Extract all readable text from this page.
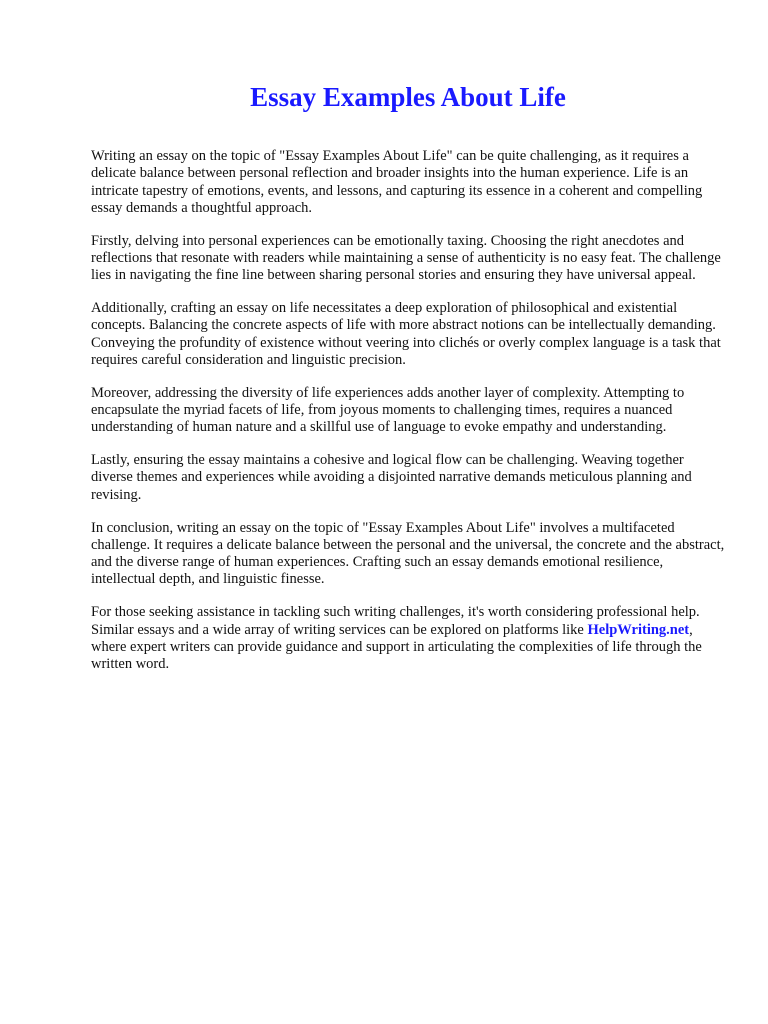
Essay Examples About Life

Writing an essay on the topic of "Essay Examples About Life" can be quite challenging, as it requires a delicate balance between personal reflection and broader insights into the human experience. Life is an intricate tapestry of emotions, events, and lessons, and capturing its essence in a coherent and compelling essay demands a thoughtful approach.

Firstly, delving into personal experiences can be emotionally taxing. Choosing the right anecdotes and reflections that resonate with readers while maintaining a sense of authenticity is no easy feat. The challenge lies in navigating the fine line between sharing personal stories and ensuring they have universal appeal.

Additionally, crafting an essay on life necessitates a deep exploration of philosophical and existential concepts. Balancing the concrete aspects of life with more abstract notions can be intellectually demanding. Conveying the profundity of existence without veering into clichés or overly complex language is a task that requires careful consideration and linguistic precision.

Moreover, addressing the diversity of life experiences adds another layer of complexity. Attempting to encapsulate the myriad facets of life, from joyous moments to challenging times, requires a nuanced understanding of human nature and a skillful use of language to evoke empathy and understanding.

Lastly, ensuring the essay maintains a cohesive and logical flow can be challenging. Weaving together diverse themes and experiences while avoiding a disjointed narrative demands meticulous planning and revising.

In conclusion, writing an essay on the topic of "Essay Examples About Life" involves a multifaceted challenge. It requires a delicate balance between the personal and the universal, the concrete and the abstract, and the diverse range of human experiences. Crafting such an essay demands emotional resilience, intellectual depth, and linguistic finesse.

For those seeking assistance in tackling such writing challenges, it's worth considering professional help. Similar essays and a wide array of writing services can be explored on platforms like HelpWriting.net, where expert writers can provide guidance and support in articulating the complexities of life through the written word.
